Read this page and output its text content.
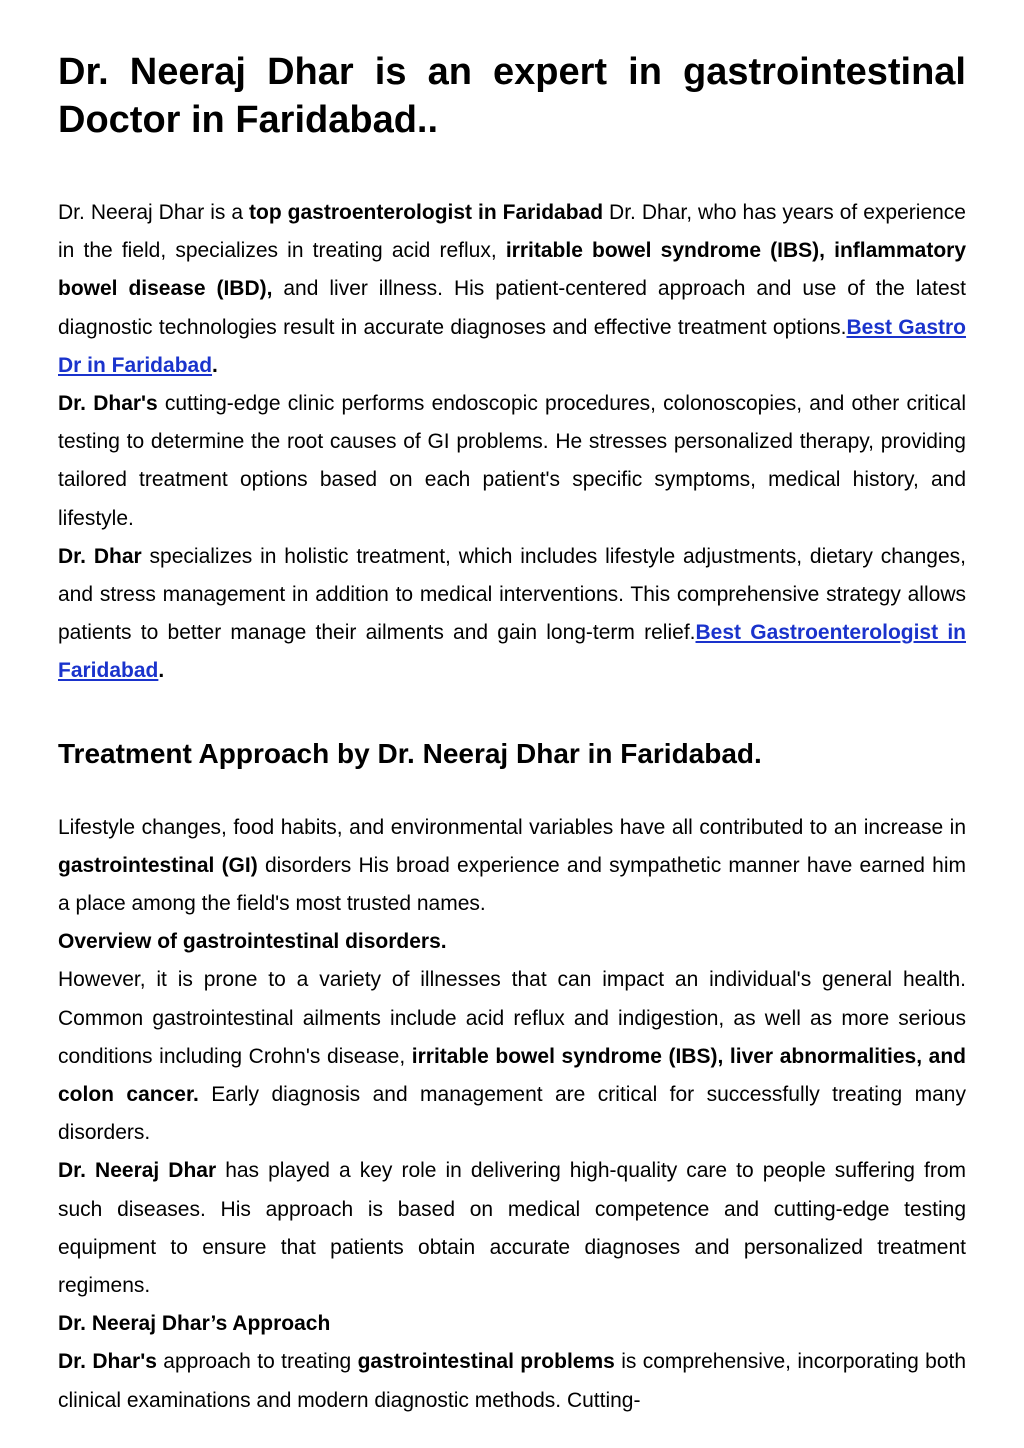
Dr. Neeraj Dhar is an expert in gastrointestinal Doctor in Faridabad..

Dr. Neeraj Dhar is a top gastroenterologist in Faridabad Dr. Dhar, who has years of experience in the field, specializes in treating acid reflux, irritable bowel syndrome (IBS), inflammatory bowel disease (IBD), and liver illness. His patient-centered approach and use of the latest diagnostic technologies result in accurate diagnoses and effective treatment options.Best Gastro Dr in Faridabad.

Dr. Dhar's cutting-edge clinic performs endoscopic procedures, colonoscopies, and other critical testing to determine the root causes of GI problems. He stresses personalized therapy, providing tailored treatment options based on each patient's specific symptoms, medical history, and lifestyle.

Dr. Dhar specializes in holistic treatment, which includes lifestyle adjustments, dietary changes, and stress management in addition to medical interventions. This comprehensive strategy allows patients to better manage their ailments and gain long-term relief.Best Gastroenterologist in Faridabad.

Treatment Approach by Dr. Neeraj Dhar in Faridabad.

Lifestyle changes, food habits, and environmental variables have all contributed to an increase in gastrointestinal (GI) disorders His broad experience and sympathetic manner have earned him a place among the field's most trusted names.

Overview of gastrointestinal disorders.

However, it is prone to a variety of illnesses that can impact an individual's general health. Common gastrointestinal ailments include acid reflux and indigestion, as well as more serious conditions including Crohn's disease, irritable bowel syndrome (IBS), liver abnormalities, and colon cancer. Early diagnosis and management are critical for successfully treating many disorders.

Dr. Neeraj Dhar has played a key role in delivering high-quality care to people suffering from such diseases. His approach is based on medical competence and cutting-edge testing equipment to ensure that patients obtain accurate diagnoses and personalized treatment regimens.

Dr. Neeraj Dhar’s Approach

Dr. Dhar's approach to treating gastrointestinal problems is comprehensive, incorporating both clinical examinations and modern diagnostic methods. Cutting-
